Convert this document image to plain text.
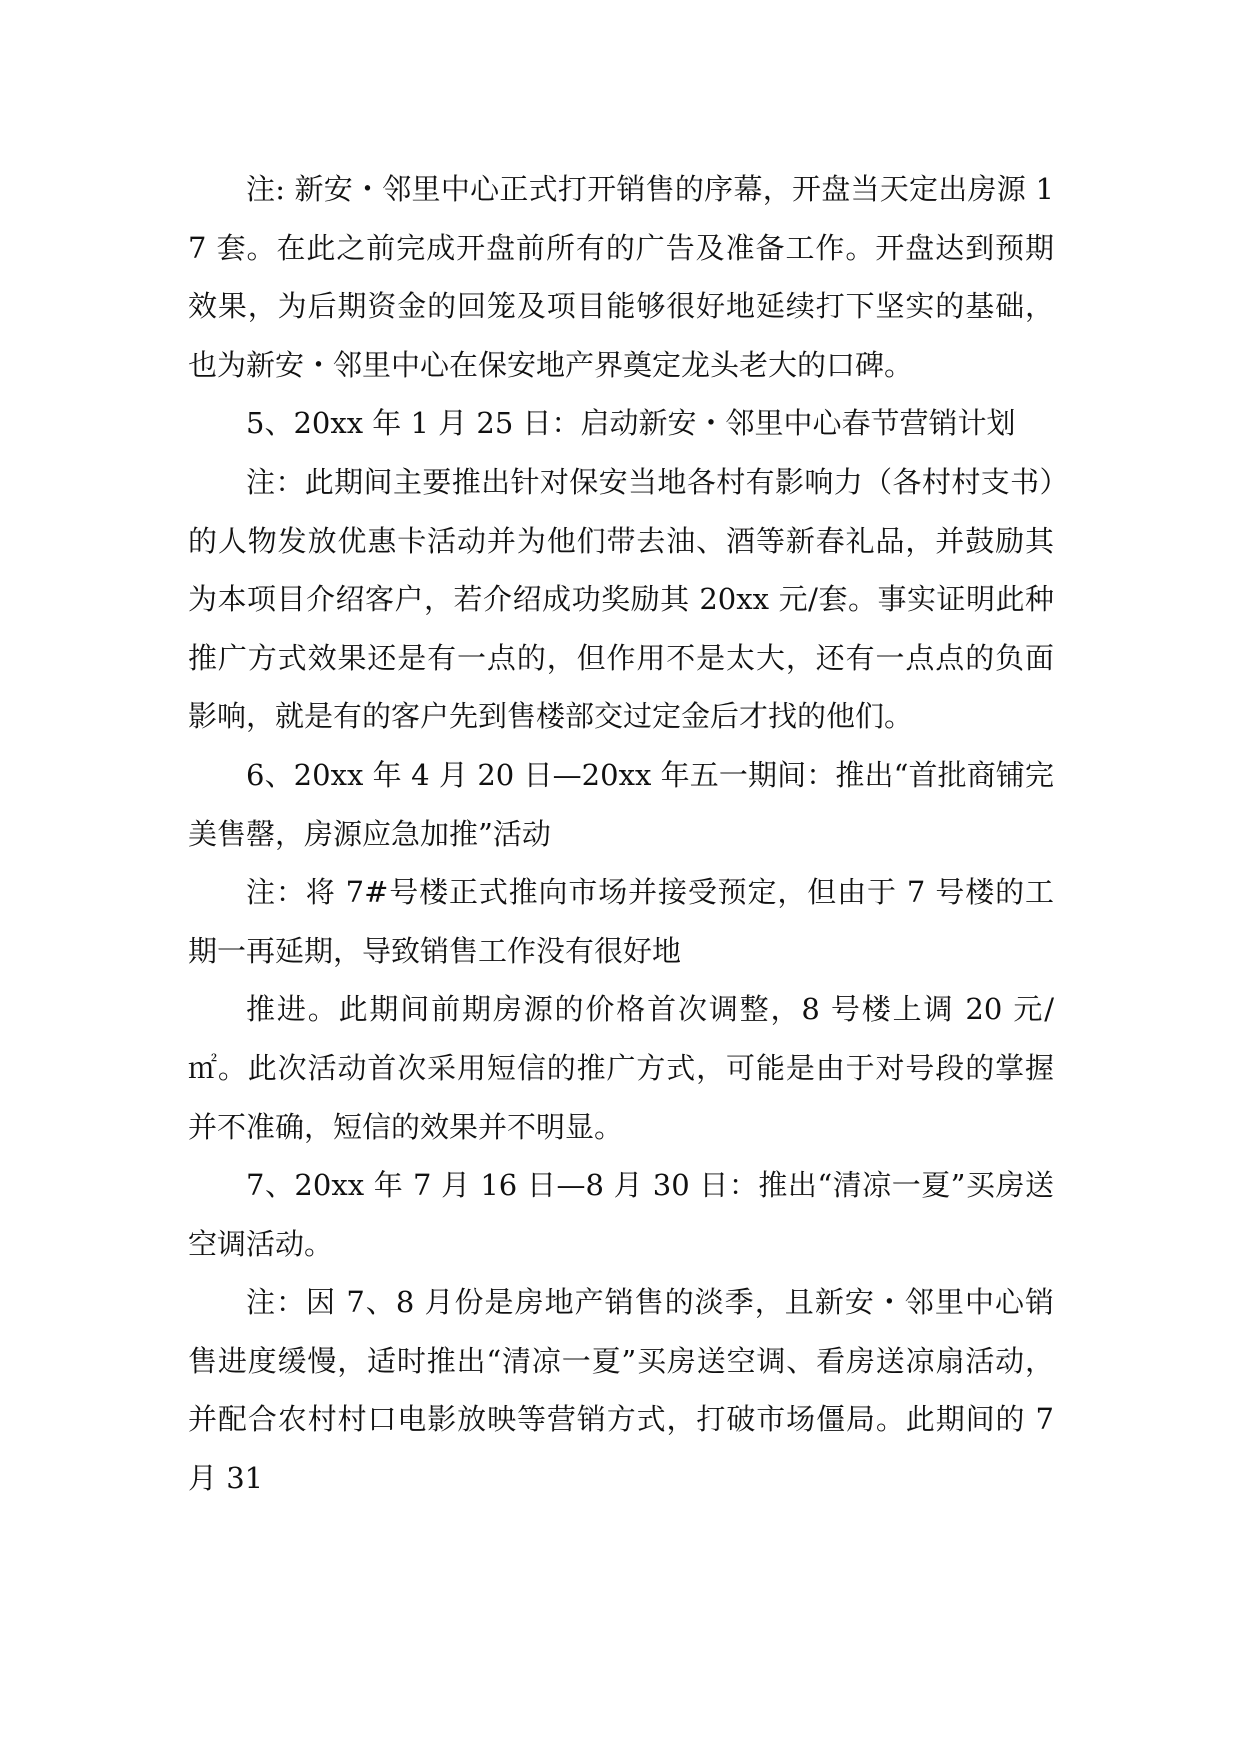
注: 新安・邻里中心正式打开销售的序幕，开盘当天定出房源 17 套。在此之前完成开盘前所有的广告及准备工作。开盘达到预期效果，为后期资金的回笼及项目能够很好地延续打下坚实的基础，也为新安・邻里中心在保安地产界奠定龙头老大的口碑。

5、20xx 年 1 月 25 日：启动新安・邻里中心春节营销计划

注：此期间主要推出针对保安当地各村有影响力（各村村支书）的人物发放优惠卡活动并为他们带去油、酒等新春礼品，并鼓励其为本项目介绍客户，若介绍成功奖励其 20xx 元/套。事实证明此种推广方式效果还是有一点的，但作用不是太大，还有一点点的负面影响，就是有的客户先到售楼部交过定金后才找的他们。

6、20xx 年 4 月 20 日—20xx 年五一期间：推出“首批商铺完美售罄，房源应急加推”活动

注：将 7#号楼正式推向市场并接受预定，但由于 7 号楼的工期一再延期，导致销售工作没有很好地

推进。此期间前期房源的价格首次调整，8 号楼上调 20 元/㎡。此次活动首次采用短信的推广方式，可能是由于对号段的掌握并不准确，短信的效果并不明显。

7、20xx 年 7 月 16 日—8 月 30 日：推出“清凉一夏”买房送空调活动。

注：因 7、8 月份是房地产销售的淡季，且新安・邻里中心销售进度缓慢，适时推出“清凉一夏”买房送空调、看房送凉扇活动，并配合农村村口电影放映等营销方式，打破市场僵局。此期间的 7 月 31
